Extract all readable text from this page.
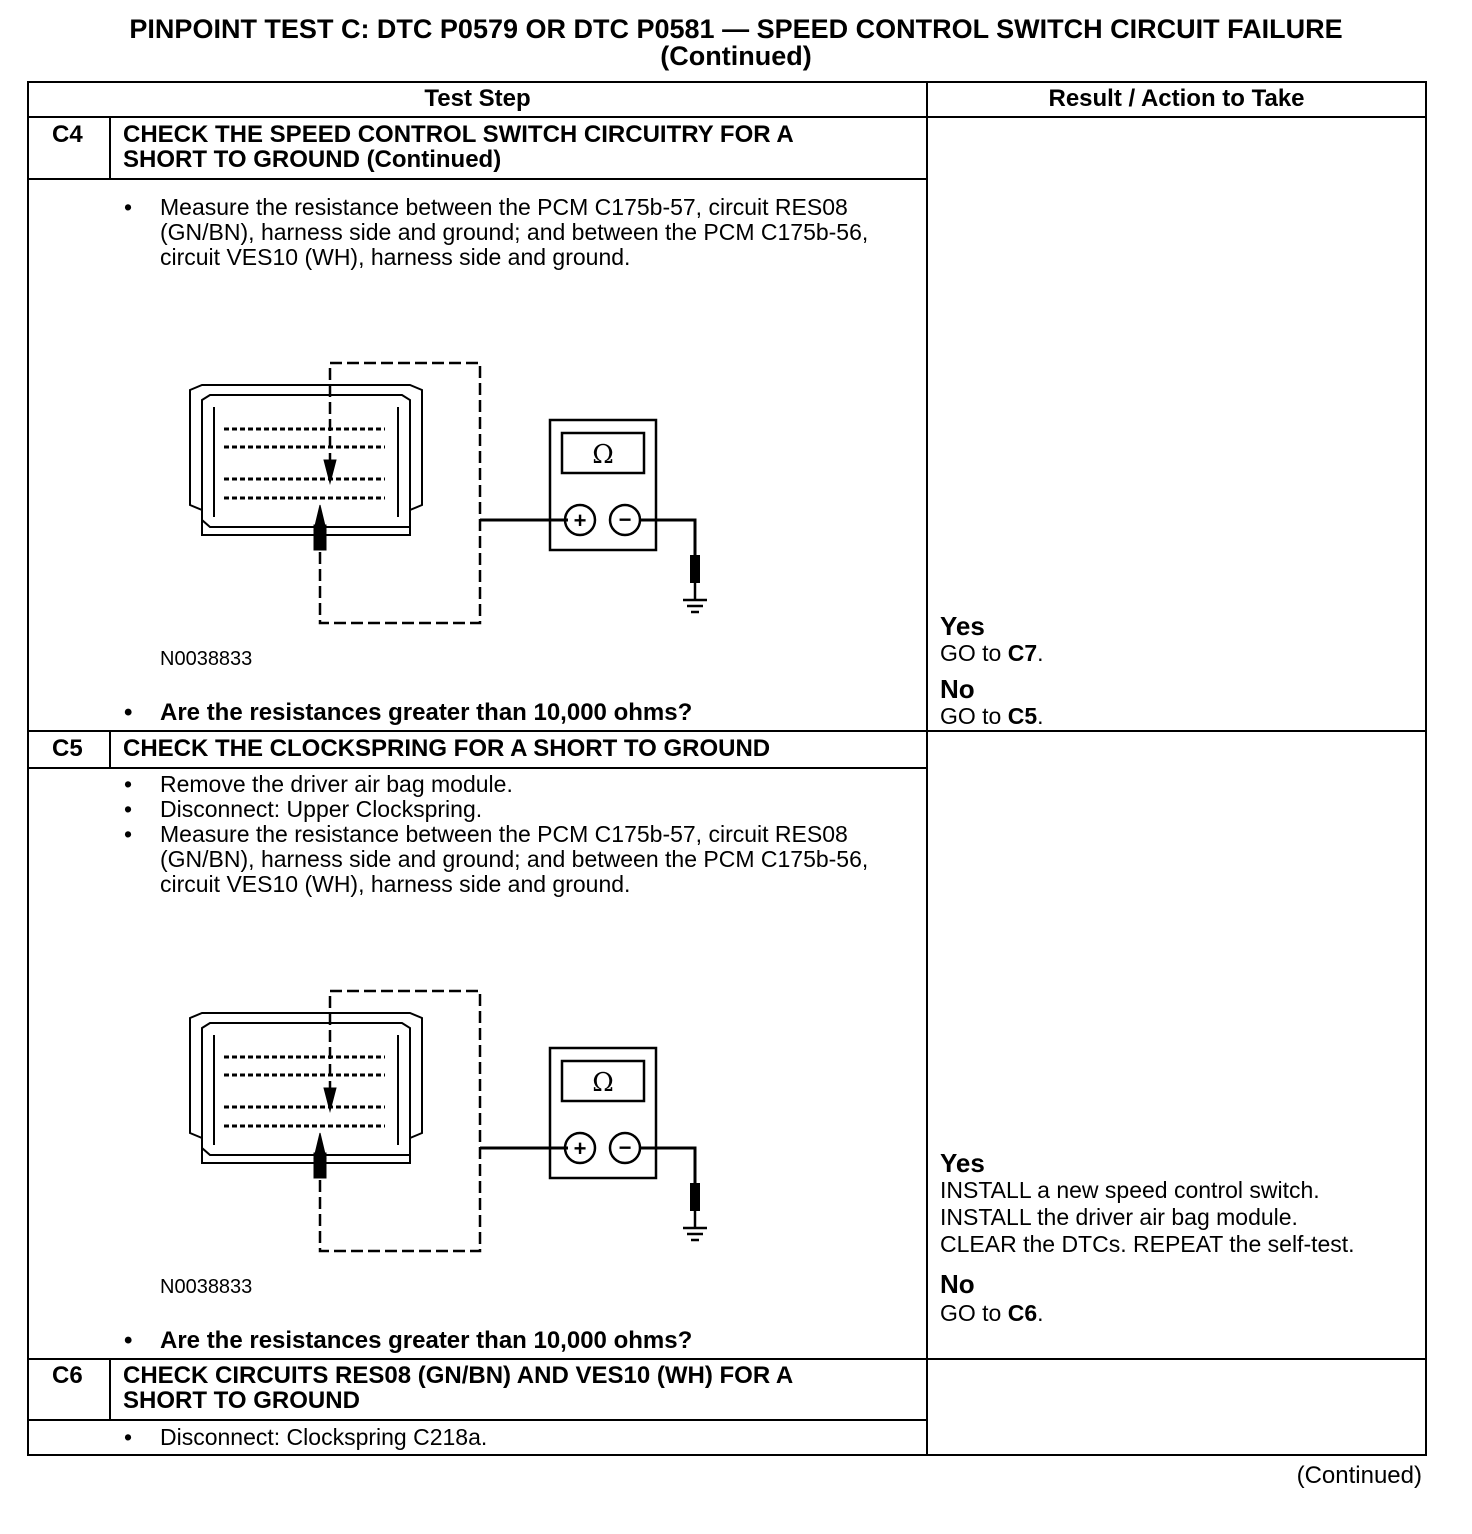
PINPOINT TEST C: DTC P0579 OR DTC P0581 — SPEED CONTROL SWITCH CIRCUIT FAILURE
(Continued)
Test Step	Result / Action to Take
C4 CHECK THE SPEED CONTROL SWITCH CIRCUITRY FOR A
SHORT TO GROUND (Continued)
• Measure the resistance between the PCM C175b-57, circuit RES08 (GN/BN), harness side and ground; and between the PCM C175b-56, circuit VES10 (WH), harness side and ground.
Ω
+ −
N0038833
• Are the resistances greater than 10,000 ohms?
Yes
GO to C7.
No
GO to C5.
C5 CHECK THE CLOCKSPRING FOR A SHORT TO GROUND
• Remove the driver air bag module.
• Disconnect: Upper Clockspring.
• Measure the resistance between the PCM C175b-57, circuit RES08 (GN/BN), harness side and ground; and between the PCM C175b-56, circuit VES10 (WH), harness side and ground.
Ω
+ −
N0038833
• Are the resistances greater than 10,000 ohms?
Yes
INSTALL a new speed control switch.
INSTALL the driver air bag module.
CLEAR the DTCs. REPEAT the self-test.
No
GO to C6.
C6 CHECK CIRCUITS RES08 (GN/BN) AND VES10 (WH) FOR A
SHORT TO GROUND
• Disconnect: Clockspring C218a.
(Continued)
